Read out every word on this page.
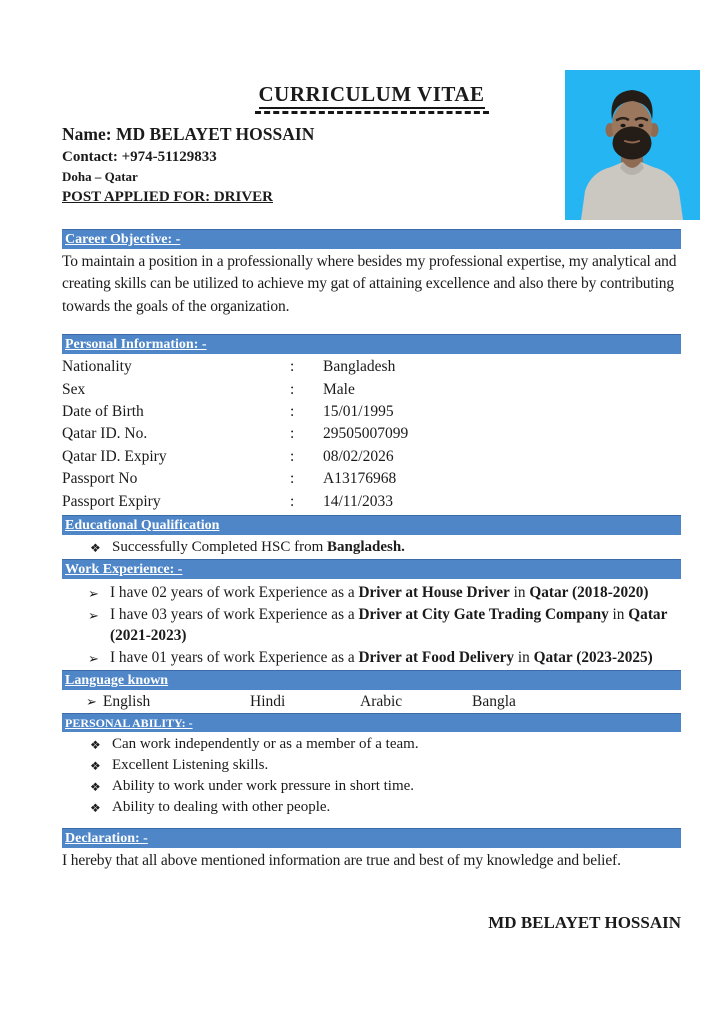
CURRICULUM VITAE
Name: MD BELAYET HOSSAIN
Contact: +974-51129833
Doha – Qatar
POST APPLIED FOR: DRIVER
Career Objective: -

To maintain a position in a professionally where besides my professional expertise, my analytical and creating skills can be utilized to achieve my gat of attaining excellence and also there by contributing towards the goals of the organization.

Personal Information: -
Nationality	:	Bangladesh
Sex	:	Male
Date of Birth	:	15/01/1995
Qatar ID. No.	:	29505007099
Qatar ID. Expiry	:	08/02/2026
Passport No	:	A13176968
Passport Expiry	:	14/11/2033
Educational Qualification
❖ Successfully Completed HSC from Bangladesh.
Work Experience: -
➢ I have 02 years of work Experience as a Driver at House Driver in Qatar (2018-2020)
➢ I have 03 years of work Experience as a Driver at City Gate Trading Company in Qatar (2021-2023)
➢ I have 01 years of work Experience as a Driver at Food Delivery in Qatar (2023-2025)
Language known
➢ English	Hindi	Arabic	Bangla
PERSONAL ABILITY: -
❖ Can work independently or as a member of a team.
❖ Excellent Listening skills.
❖ Ability to work under work pressure in short time.
❖ Ability to dealing with other people.
Declaration: -

I hereby that all above mentioned information are true and best of my knowledge and belief.

MD BELAYET HOSSAIN
